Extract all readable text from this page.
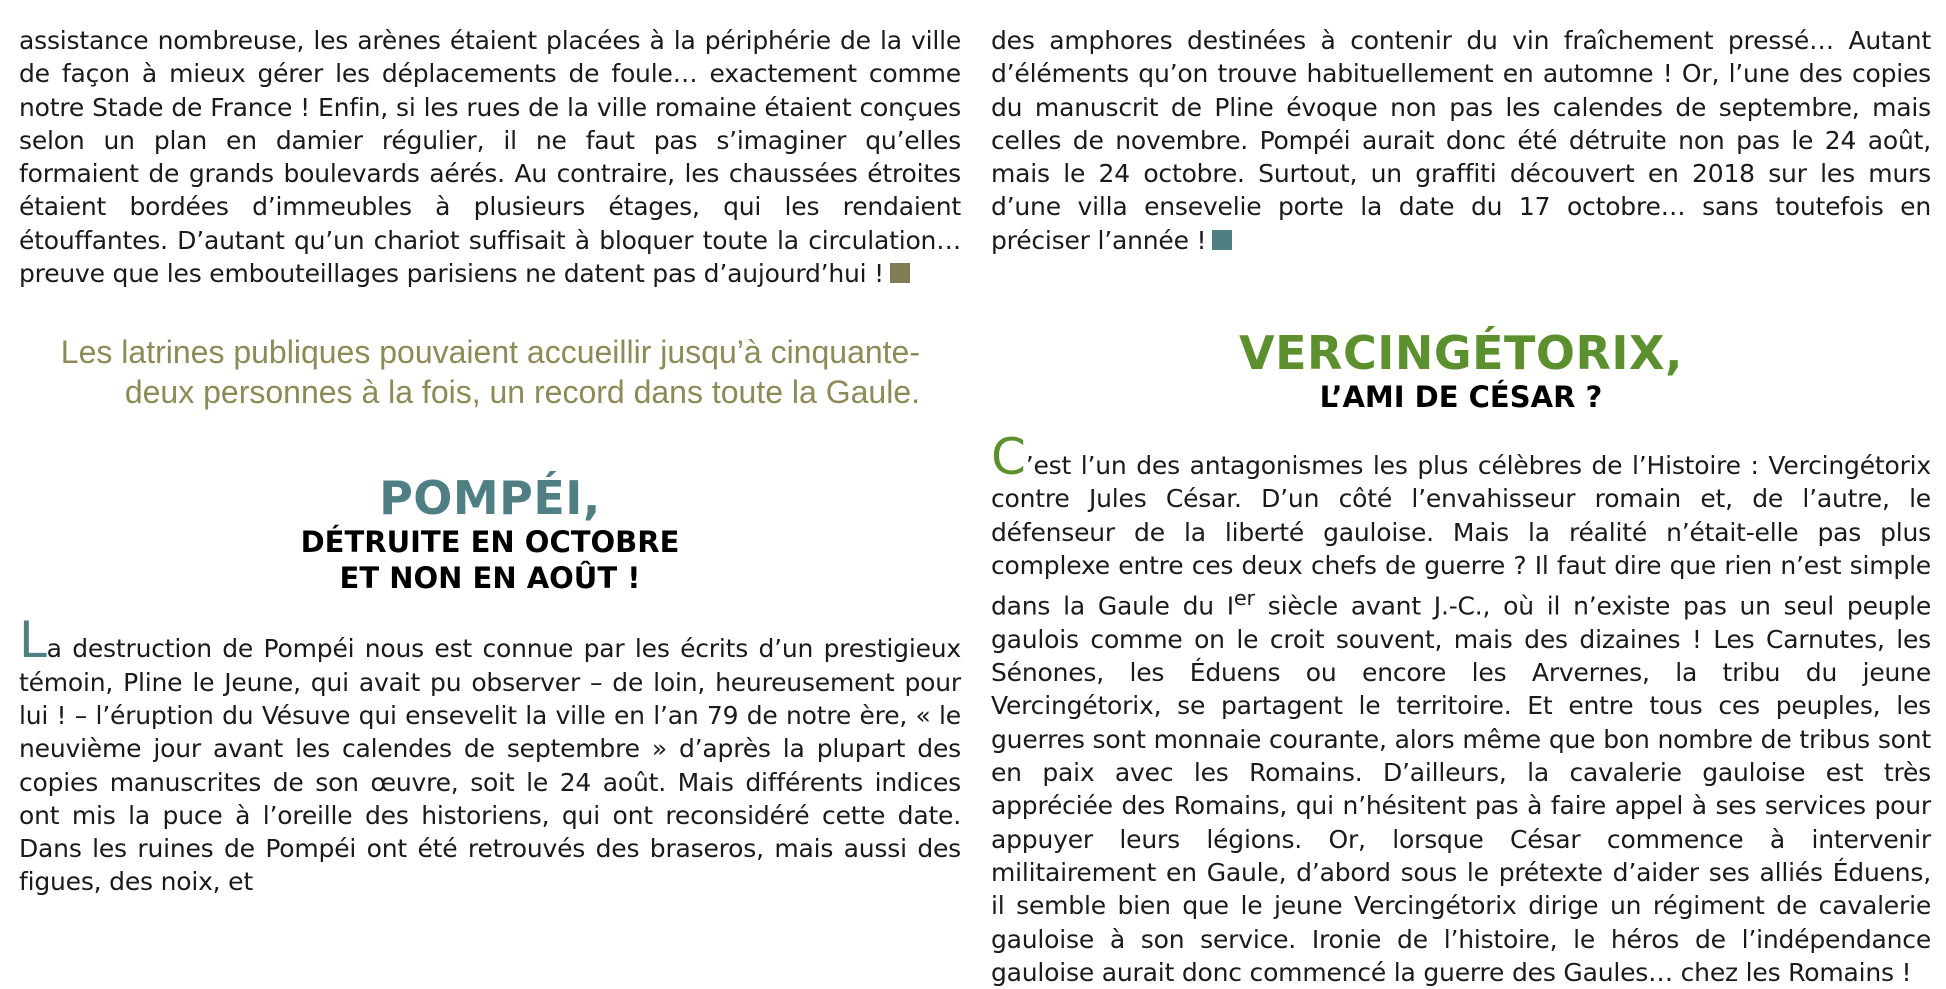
assistance nombreuse, les arènes étaient placées à la périphérie de la ville de façon à mieux gérer les déplacements de foule… exactement comme notre Stade de France ! Enfin, si les rues de la ville romaine étaient conçues selon un plan en damier régulier, il ne faut pas s’imaginer qu’elles formaient de grands boulevards aérés. Au contraire, les chaussées étroites étaient bordées d’immeubles à plusieurs étages, qui les rendaient étouffantes. D’autant qu’un chariot suffisait à bloquer toute la circulation… preuve que les embouteillages parisiens ne datent pas d’aujourd’hui !

Les latrines publiques pouvaient accueillir jusqu’à cinquante-deux personnes à la fois, un record dans toute la Gaule.

POMPÉI,
DÉTRUITE EN OCTOBRE
ET NON EN AOÛT !

La destruction de Pompéi nous est connue par les écrits d’un prestigieux témoin, Pline le Jeune, qui avait pu observer – de loin, heureusement pour lui ! – l’éruption du Vésuve qui ensevelit la ville en l’an 79 de notre ère, « le neuvième jour avant les calendes de septembre » d’après la plupart des copies manuscrites de son œuvre, soit le 24 août. Mais différents indices ont mis la puce à l’oreille des historiens, qui ont reconsidéré cette date. Dans les ruines de Pompéi ont été retrouvés des braseros, mais aussi des figues, des noix, et

des amphores destinées à contenir du vin fraîchement pressé… Autant d’éléments qu’on trouve habituellement en automne ! Or, l’une des copies du manuscrit de Pline évoque non pas les calendes de septembre, mais celles de novembre. Pompéi aurait donc été détruite non pas le 24 août, mais le 24 octobre. Surtout, un graffiti découvert en 2018 sur les murs d’une villa ensevelie porte la date du 17 octobre… sans toutefois en préciser l’année !

VERCINGÉTORIX,
L’AMI DE CÉSAR ?

C’est l’un des antagonismes les plus célèbres de l’Histoire : Vercingétorix contre Jules César. D’un côté l’envahisseur romain et, de l’autre, le défenseur de la liberté gauloise. Mais la réalité n’était-elle pas plus complexe entre ces deux chefs de guerre ? Il faut dire que rien n’est simple dans la Gaule du Ier siècle avant J.-C., où il n’existe pas un seul peuple gaulois comme on le croit souvent, mais des dizaines ! Les Carnutes, les Sénones, les Éduens ou encore les Arvernes, la tribu du jeune Vercingétorix, se partagent le territoire. Et entre tous ces peuples, les guerres sont monnaie courante, alors même que bon nombre de tribus sont en paix avec les Romains. D’ailleurs, la cavalerie gauloise est très appréciée des Romains, qui n’hésitent pas à faire appel à ses services pour appuyer leurs légions. Or, lorsque César commence à intervenir militairement en Gaule, d’abord sous le prétexte d’aider ses alliés Éduens, il semble bien que le jeune Vercingétorix dirige un régiment de cavalerie gauloise à son service. Ironie de l’histoire, le héros de l’indépendance gauloise aurait donc commencé la guerre des Gaules… chez les Romains !
